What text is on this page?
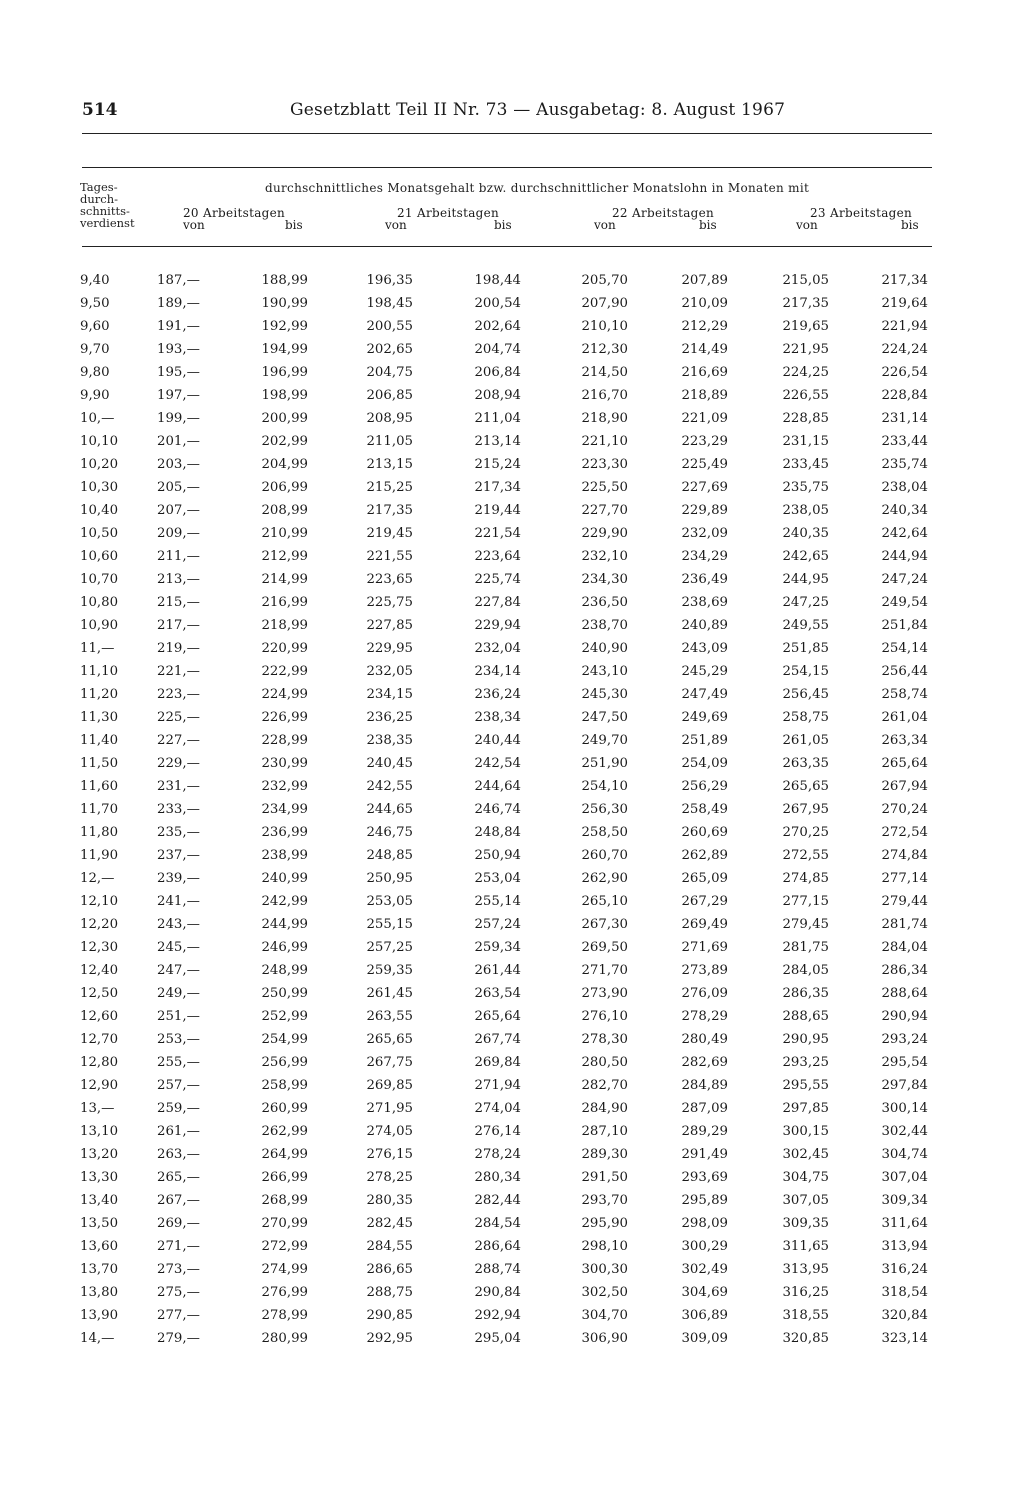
514	Gesetzblatt Teil II Nr. 73 — Ausgabetag: 8. August 1967
Tages-
durch-
schnitts-
verdienst
durchschnittliches Monatsgehalt bzw. durchschnittlicher Monatslohn in Monaten mit
20 Arbeitstagen
von	bis
21 Arbeitstagen
von	bis
22 Arbeitstagen
von	bis
23 Arbeitstagen
von	bis
9,40	187,—	188,99	196,35	198,44	205,70	207,89	215,05	217,34
9,50	189,—	190,99	198,45	200,54	207,90	210,09	217,35	219,64
9,60	191,—	192,99	200,55	202,64	210,10	212,29	219,65	221,94
9,70	193,—	194,99	202,65	204,74	212,30	214,49	221,95	224,24
9,80	195,—	196,99	204,75	206,84	214,50	216,69	224,25	226,54
9,90	197,—	198,99	206,85	208,94	216,70	218,89	226,55	228,84
10,—	199,—	200,99	208,95	211,04	218,90	221,09	228,85	231,14
10,10	201,—	202,99	211,05	213,14	221,10	223,29	231,15	233,44
10,20	203,—	204,99	213,15	215,24	223,30	225,49	233,45	235,74
10,30	205,—	206,99	215,25	217,34	225,50	227,69	235,75	238,04
10,40	207,—	208,99	217,35	219,44	227,70	229,89	238,05	240,34
10,50	209,—	210,99	219,45	221,54	229,90	232,09	240,35	242,64
10,60	211,—	212,99	221,55	223,64	232,10	234,29	242,65	244,94
10,70	213,—	214,99	223,65	225,74	234,30	236,49	244,95	247,24
10,80	215,—	216,99	225,75	227,84	236,50	238,69	247,25	249,54
10,90	217,—	218,99	227,85	229,94	238,70	240,89	249,55	251,84
11,—	219,—	220,99	229,95	232,04	240,90	243,09	251,85	254,14
11,10	221,—	222,99	232,05	234,14	243,10	245,29	254,15	256,44
11,20	223,—	224,99	234,15	236,24	245,30	247,49	256,45	258,74
11,30	225,—	226,99	236,25	238,34	247,50	249,69	258,75	261,04
11,40	227,—	228,99	238,35	240,44	249,70	251,89	261,05	263,34
11,50	229,—	230,99	240,45	242,54	251,90	254,09	263,35	265,64
11,60	231,—	232,99	242,55	244,64	254,10	256,29	265,65	267,94
11,70	233,—	234,99	244,65	246,74	256,30	258,49	267,95	270,24
11,80	235,—	236,99	246,75	248,84	258,50	260,69	270,25	272,54
11,90	237,—	238,99	248,85	250,94	260,70	262,89	272,55	274,84
12,—	239,—	240,99	250,95	253,04	262,90	265,09	274,85	277,14
12,10	241,—	242,99	253,05	255,14	265,10	267,29	277,15	279,44
12,20	243,—	244,99	255,15	257,24	267,30	269,49	279,45	281,74
12,30	245,—	246,99	257,25	259,34	269,50	271,69	281,75	284,04
12,40	247,—	248,99	259,35	261,44	271,70	273,89	284,05	286,34
12,50	249,—	250,99	261,45	263,54	273,90	276,09	286,35	288,64
12,60	251,—	252,99	263,55	265,64	276,10	278,29	288,65	290,94
12,70	253,—	254,99	265,65	267,74	278,30	280,49	290,95	293,24
12,80	255,—	256,99	267,75	269,84	280,50	282,69	293,25	295,54
12,90	257,—	258,99	269,85	271,94	282,70	284,89	295,55	297,84
13,—	259,—	260,99	271,95	274,04	284,90	287,09	297,85	300,14
13,10	261,—	262,99	274,05	276,14	287,10	289,29	300,15	302,44
13,20	263,—	264,99	276,15	278,24	289,30	291,49	302,45	304,74
13,30	265,—	266,99	278,25	280,34	291,50	293,69	304,75	307,04
13,40	267,—	268,99	280,35	282,44	293,70	295,89	307,05	309,34
13,50	269,—	270,99	282,45	284,54	295,90	298,09	309,35	311,64
13,60	271,—	272,99	284,55	286,64	298,10	300,29	311,65	313,94
13,70	273,—	274,99	286,65	288,74	300,30	302,49	313,95	316,24
13,80	275,—	276,99	288,75	290,84	302,50	304,69	316,25	318,54
13,90	277,—	278,99	290,85	292,94	304,70	306,89	318,55	320,84
14,—	279,—	280,99	292,95	295,04	306,90	309,09	320,85	323,14
